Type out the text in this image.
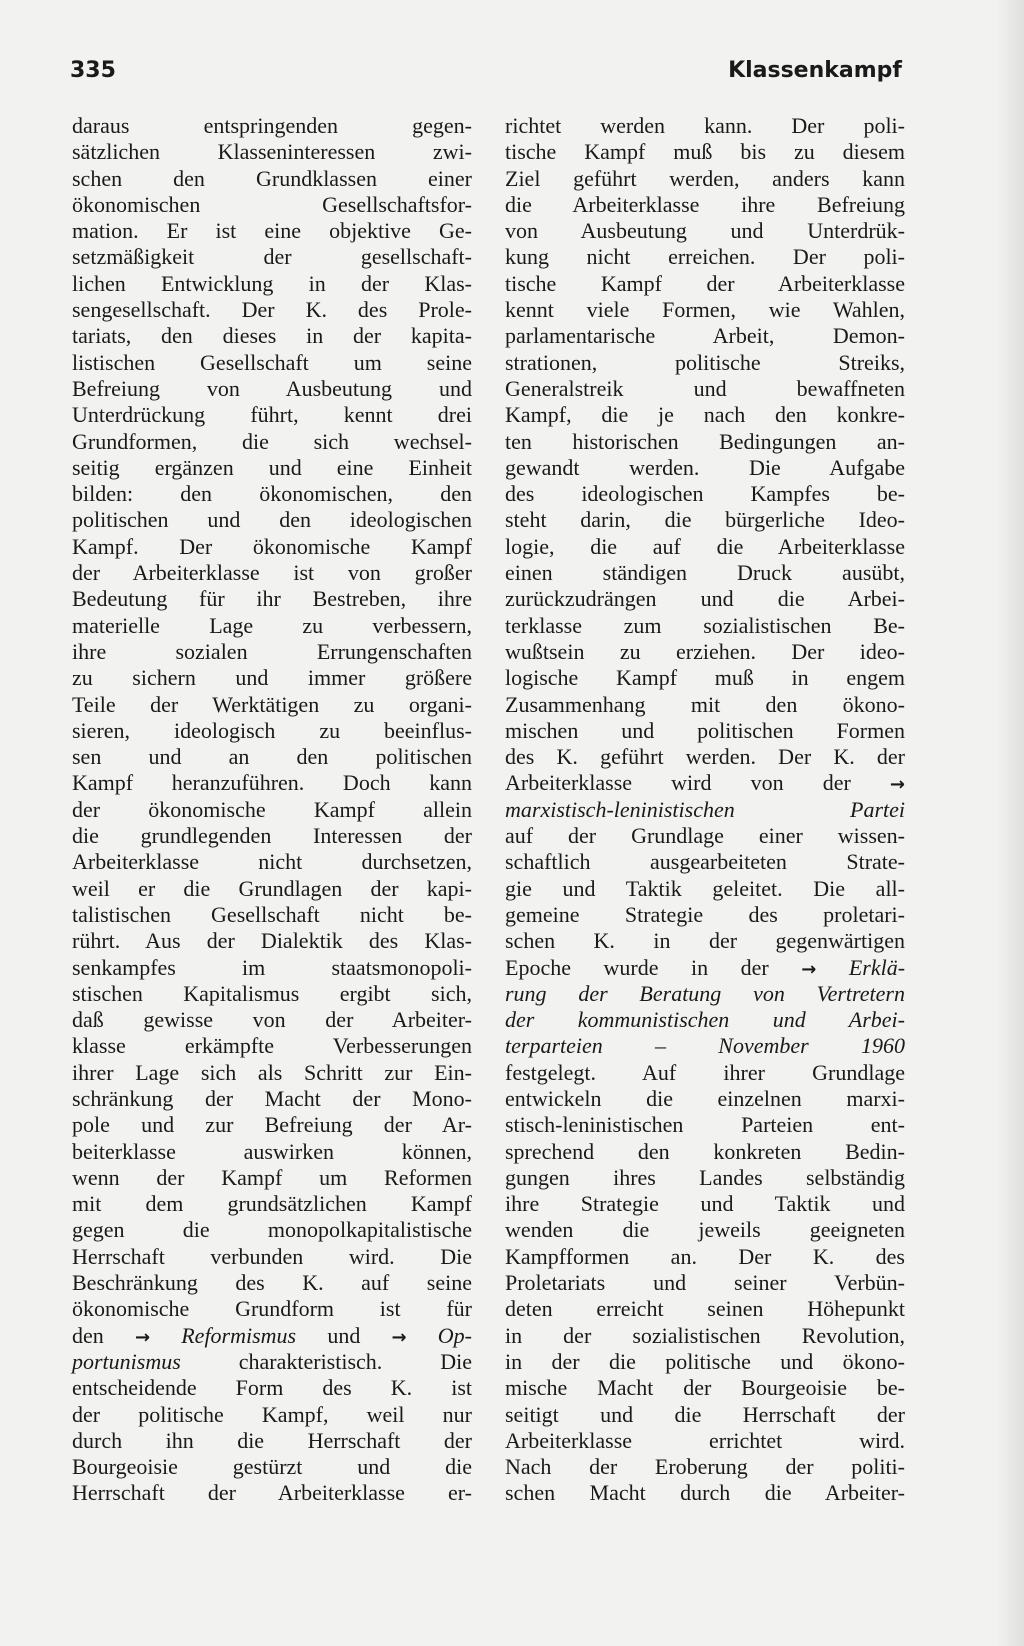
335	Klassenkampf
daraus entspringenden gegen-
sätzlichen Klasseninteressen zwi-
schen den Grundklassen einer
ökonomischen Gesellschaftsfor-
mation. Er ist eine objektive Ge-
setzmäßigkeit der gesellschaft-
lichen Entwicklung in der Klas-
sengesellschaft. Der K. des Prole-
tariats, den dieses in der kapita-
listischen Gesellschaft um seine
Befreiung von Ausbeutung und
Unterdrückung führt, kennt drei
Grundformen, die sich wechsel-
seitig ergänzen und eine Einheit
bilden: den ökonomischen, den
politischen und den ideologischen
Kampf. Der ökonomische Kampf
der Arbeiterklasse ist von großer
Bedeutung für ihr Bestreben, ihre
materielle Lage zu verbessern,
ihre sozialen Errungenschaften
zu sichern und immer größere
Teile der Werktätigen zu organi-
sieren, ideologisch zu beeinflus-
sen und an den politischen
Kampf heranzuführen. Doch kann
der ökonomische Kampf allein
die grundlegenden Interessen der
Arbeiterklasse nicht durchsetzen,
weil er die Grundlagen der kapi-
talistischen Gesellschaft nicht be-
rührt. Aus der Dialektik des Klas-
senkampfes im staatsmonopoli-
stischen Kapitalismus ergibt sich,
daß gewisse von der Arbeiter-
klasse erkämpfte Verbesserungen
ihrer Lage sich als Schritt zur Ein-
schränkung der Macht der Mono-
pole und zur Befreiung der Ar-
beiterklasse auswirken können,
wenn der Kampf um Reformen
mit dem grundsätzlichen Kampf
gegen die monopolkapitalistische
Herrschaft verbunden wird. Die
Beschränkung des K. auf seine
ökonomische Grundform ist für
den → Reformismus und → Op-
portunismus	charakteristisch. Die
entscheidende Form des K. ist
der politische Kampf, weil nur
durch ihn die Herrschaft der
Bourgeoisie gestürzt und die
Herrschaft der Arbeiterklasse er-
richtet werden kann. Der poli-
tische Kampf muß bis zu diesem
Ziel geführt werden, anders kann
die Arbeiterklasse ihre Befreiung
von Ausbeutung und Unterdrük-
kung nicht erreichen. Der poli-
tische Kampf der Arbeiterklasse
kennt viele Formen, wie Wahlen,
parlamentarische Arbeit, Demon-
strationen, politische Streiks,
Generalstreik und bewaffneten
Kampf, die je nach den konkre-
ten historischen Bedingungen an-
gewandt werden. Die Aufgabe
des ideologischen Kampfes be-
steht darin, die bürgerliche Ideo-
logie, die auf die Arbeiterklasse
einen ständigen Druck ausübt,
zurückzudrängen und die Arbei-
terklasse zum sozialistischen Be-
wußtsein zu erziehen. Der ideo-
logische Kampf muß in engem
Zusammenhang mit den ökono-
mischen und politischen Formen
des K. geführt werden. Der K. der
Arbeiterklasse wird von der →
marxistisch-leninistischen Partei
auf der Grundlage einer wissen-
schaftlich ausgearbeiteten Strate-
gie und Taktik geleitet. Die all-
gemeine Strategie des proletari-
schen K. in der gegenwärtigen
Epoche wurde in der → Erklä-
rung der Beratung von Vertretern
der kommunistischen und Arbei-
terparteien – November 1960
festgelegt. Auf ihrer Grundlage
entwickeln die einzelnen marxi-
stisch-leninistischen Parteien ent-
sprechend den konkreten Bedin-
gungen ihres Landes selbständig
ihre Strategie und Taktik und
wenden die jeweils geeigneten
Kampfformen an. Der K. des
Proletariats und seiner Verbün-
deten erreicht seinen Höhepunkt
in der sozialistischen Revolution,
in der die politische und ökono-
mische Macht der Bourgeoisie be-
seitigt und die Herrschaft der
Arbeiterklasse errichtet wird.
Nach der Eroberung der politi-
schen Macht durch die Arbeiter-
